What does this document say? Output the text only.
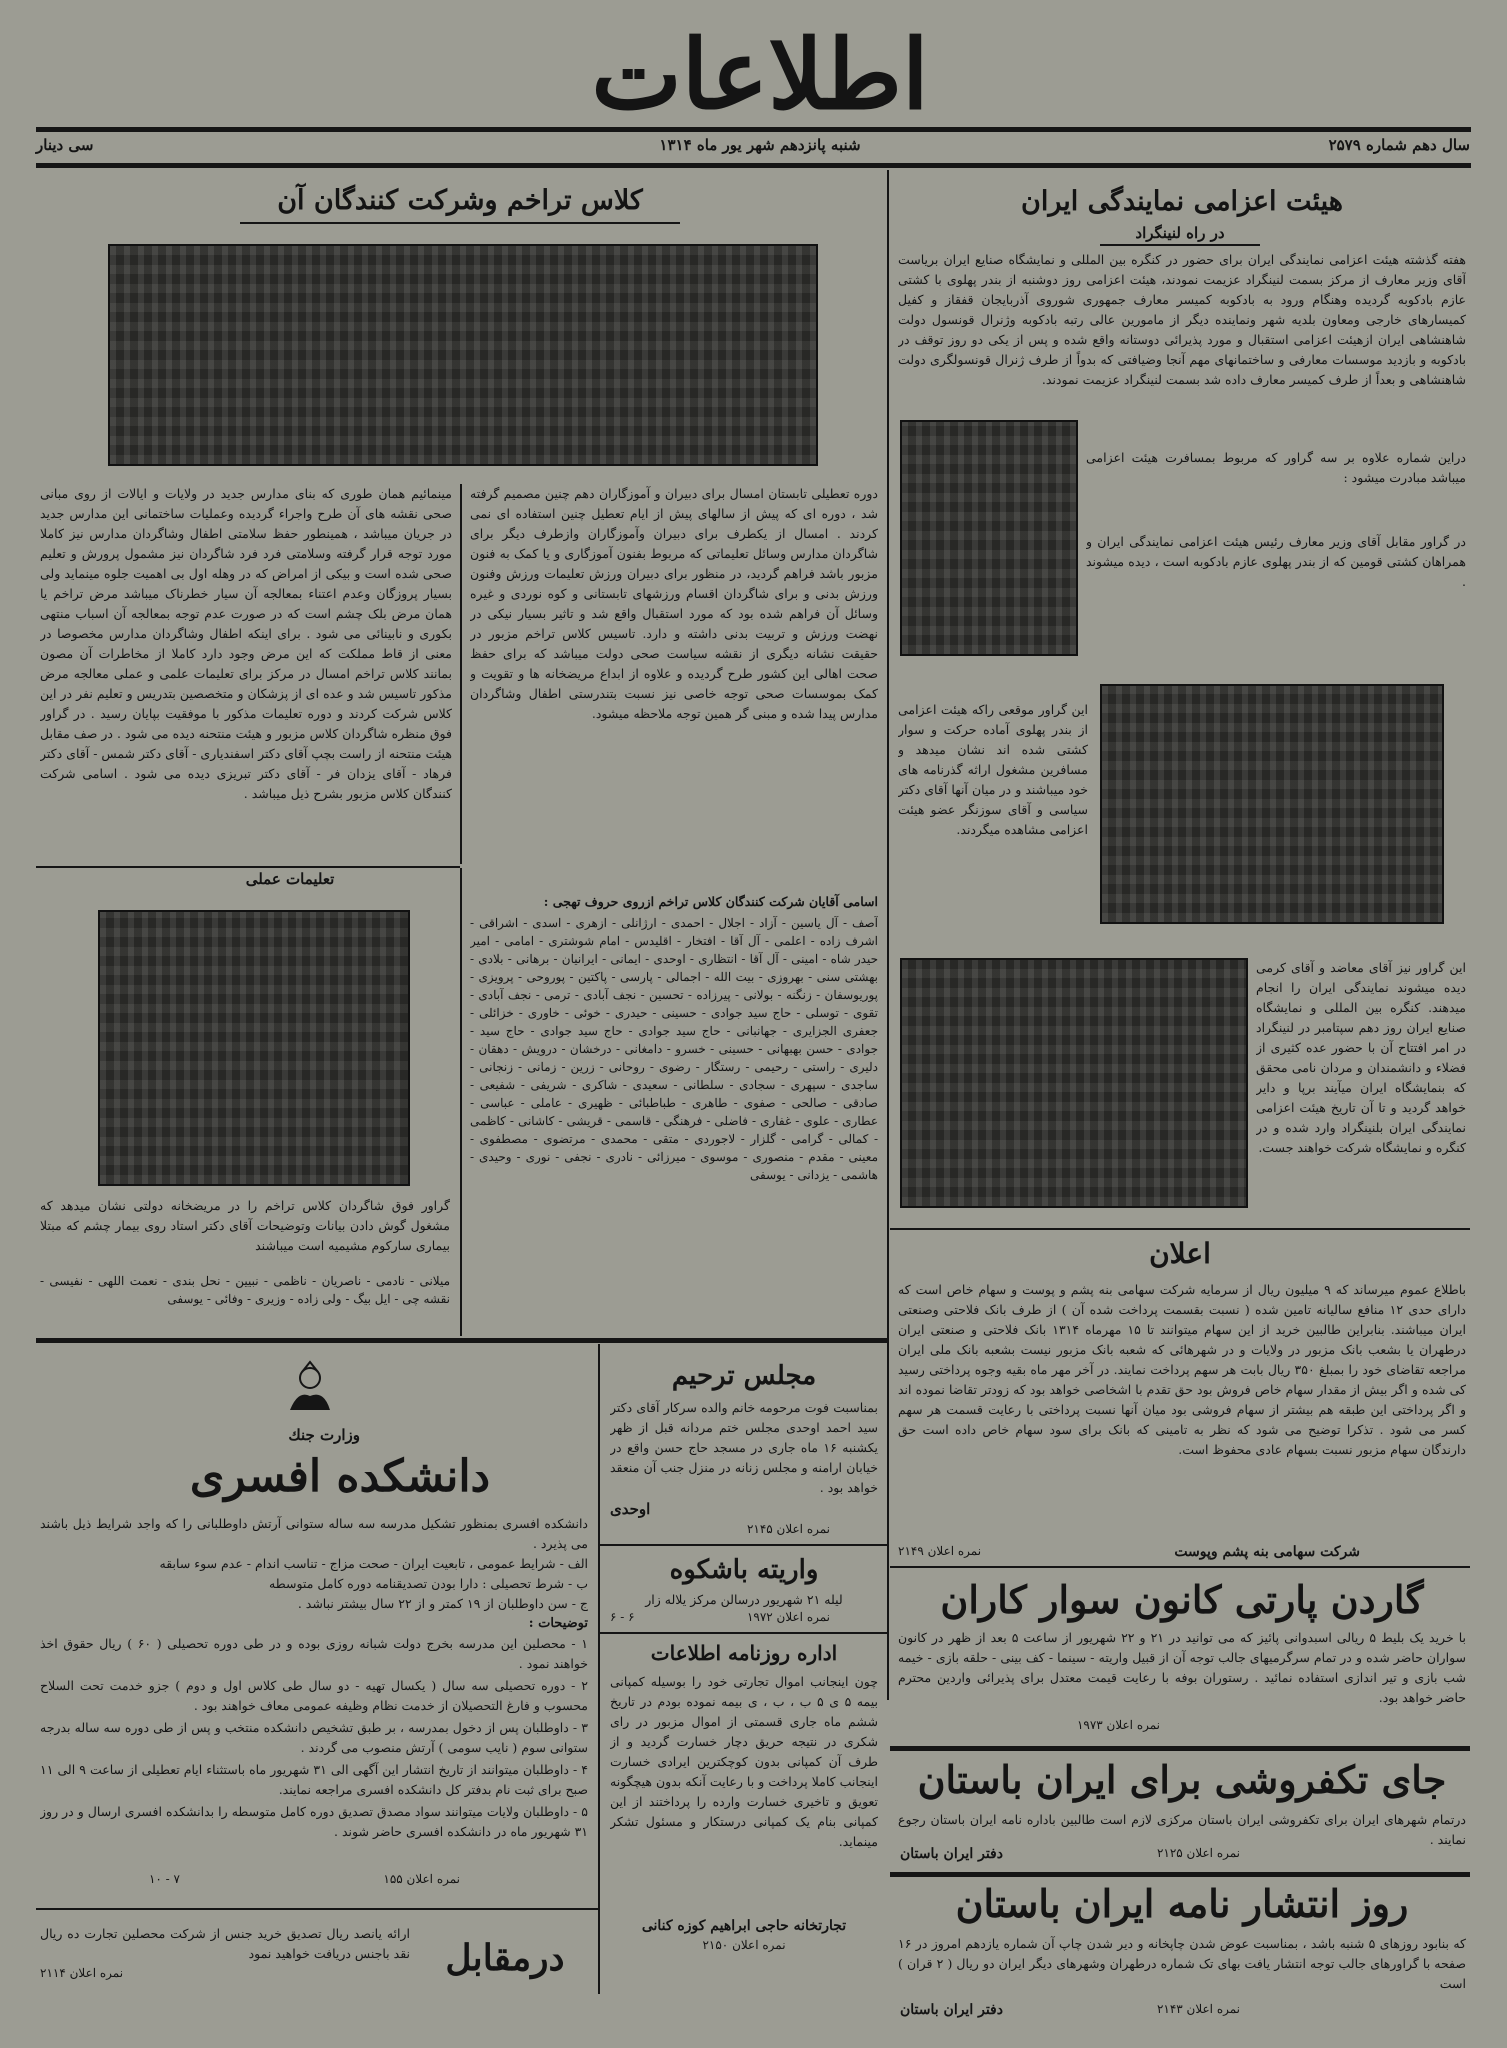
اطلاعات
سال دهم شماره ۲۵۷۹
شنبه پانزدهم شهر یور ماه ۱۳۱۴
سی دینار
هیئت اعزامی نمایندگی ایران
در راه لنینگراد
هفته گذشته هیئت اعزامی نمایندگی ایران برای حضور در کنگره بین المللی و نمایشگاه صنایع ایران بریاست آقای وزیر معارف از مرکز بسمت لنینگراد عزیمت نمودند، هیئت اعزامی روز دوشنبه از بندر پهلوی با کشتی عازم بادکوبه گردیده وهنگام ورود به بادکوبه کمیسر معارف جمهوری شوروی آذربایجان قفقاز و کفیل کمیسارهای خارجی ومعاون بلدیه شهر ونماینده دیگر از مامورین عالی رتبه بادکوبه وژنرال قونسول دولت شاهنشاهی ایران ازهیئت اعزامی استقبال و مورد پذیرائی دوستانه واقع شده و پس از یکی دو روز توقف در بادکوبه و بازدید موسسات معارفی و ساختمانهای مهم آنجا وضیافتی که بدواً از طرف ژنرال قونسولگری دولت شاهنشاهی و بعداً از طرف کمیسر معارف داده شد بسمت لنینگراد عزیمت نمودند.
دراین شماره علاوه بر سه گراور که مربوط بمسافرت هیئت اعزامی میباشد مبادرت میشود :
در گراور مقابل آقای وزیر معارف رئیس هیئت اعزامی نمایندگی ایران و همراهان کشتی قومین که از بندر پهلوی عازم بادکوبه است ، دیده میشوند .
این گراور موقعی راکه هیئت اعزامی از بندر پهلوی آماده حرکت و سوار کشتی شده اند نشان میدهد و مسافرین مشغول اراثه گذرنامه های خود میباشند و در میان آنها آقای دکتر سیاسی و آقای سوزنگر عضو هیئت اعزامی مشاهده میگردند.
این گراور نیز آقای معاضد و آقای کرمی دیده میشوند نمایندگی ایران را انجام میدهند. کنگره بین المللی و نمایشگاه صنایع ایران روز دهم سپتامبر در لنینگراد در امر افتتاح آن با حضور عده کثیری از فضلاء و دانشمندان و مردان نامی محقق که بنمایشگاه ایران میآیند برپا و دایر خواهد گردید و تا آن تاریخ هیئت اعزامی نمایندگی ایران بلنینگراد وارد شده و در کنگره و نمایشگاه شرکت خواهند جست.
اعلان
باطلاع عموم میرساند که ۹ میلیون ریال از سرمایه شرکت سهامی بنه پشم و پوست و سهام خاص است که دارای حدی ۱۲ منافع سالیانه تامین شده ( نسبت بقسمت پرداخت شده آن ) از طرف بانک فلاحتی وصنعتی ایران میباشند. بنابراین طالبین خرید از این سهام میتوانند تا ۱۵ مهرماه ۱۳۱۴ بانک فلاحتی و صنعتی ایران درطهران یا بشعب بانک مزبور در ولایات و در شهرهائی که شعبه بانک مزبور نیست بشعبه بانک ملی ایران مراجعه تقاضای خود را بمبلغ ۳۵۰ ریال بابت هر سهم پرداخت نمایند. در آخر مهر ماه بقیه وجوه پرداختی رسید کی شده و اگر بیش از مقدار سهام خاص فروش بود حق تقدم با اشخاصی خواهد بود که زودتر تقاضا نموده اند و اگر پرداختی این طبقه هم بیشتر از سهام فروشی بود میان آنها نسبت پرداختی با رعایت قسمت هر سهم کسر می شود . تذکرا توضیح می شود که نظر به تامینی که بانک برای سود سهام خاص داده است حق دارندگان سهام مزبور نسبت بسهام عادی محفوظ است.
شرکت سهامی بنه پشم وپوست
نمره اعلان ۲۱۴۹
گاردن پارتی کانون سوار کاران
با خرید یک بلیط ۵ ریالی اسبدوانی پائیز که می توانید در ۲۱ و ۲۲ شهریور از ساعت ۵ بعد از ظهر در کانون سواران حاضر شده و در تمام سرگرمیهای جالب توجه آن از قبیل واریته - سینما - کف بینی - حلقه بازی - خیمه شب بازی و تیر اندازی استفاده نمائید . رستوران بوفه با رعایت قیمت معتدل برای پذیرائی واردین محترم حاضر خواهد بود.
نمره اعلان ۱۹۷۳
جای تکفروشی برای ایران باستان
درتمام شهرهای ایران برای تکفروشی ایران باستان مرکزی لازم است طالبین باداره نامه ایران باستان رجوع نمایند .
نمره اعلان ۲۱۲۵
دفتر ایران باستان
روز انتشار نامه ایران باستان
که بنابود روزهای ۵ شنبه باشد ، بمناسبت عوض شدن چاپخانه و دیر شدن چاپ آن شماره یازدهم امروز در ۱۶ صفحه با گراورهای جالب توجه انتشار یافت بهای تک شماره درطهران وشهرهای دیگر ایران دو ریال ( ۲ قران ) است
نمره اعلان ۲۱۴۳
دفتر ایران باستان
کلاس تراخم وشرکت کنندگان آن
دوره تعطیلی تابستان امسال برای دبیران و آموزگاران دهم چنین مصمیم گرفته شد ، دوره ای که پیش از سالهای پیش از ایام تعطیل چنین استفاده ای نمی کردند . امسال از یکطرف برای دبیران وآموزگاران وازطرف دیگر برای شاگردان مدارس وسائل تعلیماتی که مربوط بفنون آموزگاری و یا کمک به فنون مزبور باشد فراهم گردید، در منظور برای دبیران ورزش تعلیمات ورزش وفنون ورزش بدنی و برای شاگردان اقسام ورزشهای تابستانی و کوه نوردی و غیره وسائل آن فراهم شده بود که مورد استقبال واقع شد و تاثیر بسیار نیکی در نهضت ورزش و تربیت بدنی داشته و دارد. تاسیس کلاس تراخم مزبور در حقیقت نشانه دیگری از نقشه سیاست صحی دولت میباشد که برای حفظ صحت اهالی این کشور طرح گردیده و علاوه از ابداع مریضخانه ها و تقویت و کمک بموسسات صحی توجه خاصی نیز نسبت بتندرستی اطفال وشاگردان مدارس پیدا شده و مبنی گر همین توجه ملاحظه میشود.
مینمائیم همان طوری که بنای مدارس جدید در ولایات و ایالات از روی مبانی صحی نقشه های آن طرح واجراء گردیده وعملیات ساختمانی این مدارس جدید در جریان میباشد ، همینطور حفظ سلامتی اطفال وشاگردان مدارس نیز کاملا مورد توجه قرار گرفته وسلامتی فرد فرد شاگردان نیز مشمول پرورش و تعلیم صحی شده است و بیکی از امراض که در وهله اول بی اهمیت جلوه مینماید ولی بسیار پروزگان وعدم اعتناء بمعالجه آن سیار خطرناک میباشد مرض تراخم یا همان مرض بلک چشم است که در صورت عدم توجه بمعالجه آن اسباب منتهی بکوری و نابینائی می شود . برای اینکه اطفال وشاگردان مدارس مخصوصا در معنی از قاط مملکت که این مرض وجود دارد کاملا از مخاطرات آن مصون بمانند کلاس تراخم امسال در مرکز برای تعلیمات علمی و عملی معالجه مرض مذکور تاسیس شد و عده ای از پزشکان و متخصصین بتدریس و تعلیم نفر در این کلاس شرکت کردند و دوره تعلیمات مذکور با موفقیت بپایان رسید . در گراور فوق منظره شاگردان کلاس مزبور و هیئت منتحنه دیده می شود . در صف مقابل هیئت منتحنه از راست بچپ آقای دکتر اسفندیاری - آقای دکتر شمس - آقای دکتر فرهاد - آقای یزدان فر - آقای دکتر تبریزی دیده می شود . اسامی شرکت کنندگان کلاس مزبور بشرح ذیل میباشد .
تعلیمات عملی
گراور فوق شاگردان کلاس تراخم را در مریضخانه دولتی نشان میدهد که مشغول گوش دادن بیانات وتوضیحات آقای دکتر استاد روی بیمار چشم که مبتلا بیماری سارکوم مشیمیه است میباشند
اسامی آقایان شرکت کنندگان کلاس تراخم ازروی حروف تهجی :
آصف - آل یاسین - آزاد - اجلال - احمدی - ارژانلی - ازهری - اسدی - اشراقی - اشرف زاده - اعلمی - آل آقا - افتخار - اقلیدس - امام شوشتری - امامی - امیر حیدر شاه - امینی - آل آقا - انتظاری - اوحدی - ایمانی - ایرانیان - برهانی - بلادی - بهشتی سنی - بهروزی - بیت الله - اجمالی - پارسی - پاکتین - پوروحی - پرویزی - پوریوسفان - زنگنه - بولانی - پیرزاده - تحسین - نجف آبادی - ترمی - نجف آبادی - تقوی - توسلی - حاج سید جوادی - حسینی - حیدری - خوئی - خاوری - خزائلی - جعفری الجزایری - جهانبانی - حاج سید جوادی - حاج سید جوادی - حاج سید - جوادی - حسن بهبهانی - حسینی - خسرو - دامغانی - درخشان - درویش - دهقان - دلیری - راستی - رحیمی - رستگار - رضوی - روحانی - زرین - زمانی - زنجانی - ساجدی - سپهری - سجادی - سلطانی - سعیدی - شاکری - شریفی - شفیعی - صادقی - صالحی - صفوی - طاهری - طباطبائی - ظهیری - عاملی - عباسی - عطاری - علوی - غفاری - فاضلی - فرهنگی - قاسمی - قریشی - کاشانی - کاظمی - کمالی - گرامی - گلزار - لاجوردی - متقی - محمدی - مرتضوی - مصطفوی - معینی - مقدم - منصوری - موسوی - میرزائی - نادری - نجفی - نوری - وحیدی - هاشمی - یزدانی - یوسفی
میلانی - نادمی - ناصریان - ناظمی - نبیین - نحل بندی - نعمت اللهی - نفیسی - نقشه چی - ایل بیگ - ولی زاده - وزیری - وفائی - یوسفی
وزارت جنك
دانشکده افسری
دانشکده افسری بمنظور تشکیل مدرسه سه ساله ستوانی آرتش داوطلبانی را که واجد شرایط ذیل باشند می پذیرد .
الف - شرایط عمومی ، تابعیت ایران - صحت مزاج - تناسب اندام - عدم سوء سابقه
ب - شرط تحصیلی : دارا بودن تصدیقنامه دوره کامل متوسطه
ج - سن داوطلبان از ۱۹ کمتر و از ۲۲ سال بیشتر نباشد .
توضیحات :
۱ - محصلین این مدرسه بخرج دولت شبانه روزی بوده و در طی دوره تحصیلی ( ۶۰ ) ریال حقوق اخذ خواهند نمود .
۲ - دوره تحصیلی سه سال ( یکسال تهیه - دو سال طی کلاس اول و دوم ) جزو خدمت تحت السلاح محسوب و فارغ التحصیلان از خدمت نظام وظیفه عمومی معاف خواهند بود .
۳ - داوطلبان پس از دخول بمدرسه ، بر طبق تشخیص دانشکده منتخب و پس از طی دوره سه ساله بدرجه ستوانی سوم ( نایب سومی ) آرتش منصوب می گردند .
۴ - داوطلبان میتوانند از تاریخ انتشار این آگهی الی ۳۱ شهریور ماه باستثناء ایام تعطیلی از ساعت ۹ الی ۱۱ صبح برای ثبت نام بدفتر کل دانشکده افسری مراجعه نمایند.
۵ - داوطلبان ولایات میتوانند سواد مصدق تصدیق دوره کامل متوسطه را بدانشکده افسری ارسال و در روز ۳۱ شهریور ماه در دانشکده افسری حاضر شوند .
نمره اعلان ۱۵۵
۷ - ۱۰
درمقابل
ارائه یانصد ریال تصدیق خرید جنس از شرکت محصلین تجارت ده ریال نقد باجنس دریافت خواهید نمود
نمره اعلان ۲۱۱۴
مجلس ترحیم
بمناسبت فوت مرحومه خانم والده سرکار آقای دکتر سید احمد اوحدی مجلس ختم مردانه قبل از ظهر یکشنبه ۱۶ ماه جاری در مسجد حاج حسن واقع در خیابان ارامنه و مجلس زنانه در منزل جنب آن منعقد خواهد بود .
اوحدی
نمره اعلان ۲۱۴۵
واریته باشکوه
لیله ۲۱ شهریور درسالن مرکز یلاله زار
نمره اعلان ۱۹۷۲
۶ - ۶
اداره روزنامه اطلاعات
چون اینجانب اموال تجارتی خود را بوسیله کمپانی بیمه ۵ ی ۵ ب ، ب ، ی بیمه نموده بودم در تاریخ ششم ماه جاری قسمتی از اموال مزبور در رای شکری در نتیجه حریق دچار خسارت گردید و از طرف آن کمپانی بدون کوچکترین ایرادی خسارت اینجانب کاملا پرداخت و با رعایت آنکه بدون هیچگونه تعویق و تاخیری خسارت وارده را پرداختند از این کمپانی بنام یک کمپانی درستکار و مسئول تشکر مینماید.
تجارتخانه حاجی ابراهیم کوزه کنانی
نمره اعلان ۲۱۵۰
